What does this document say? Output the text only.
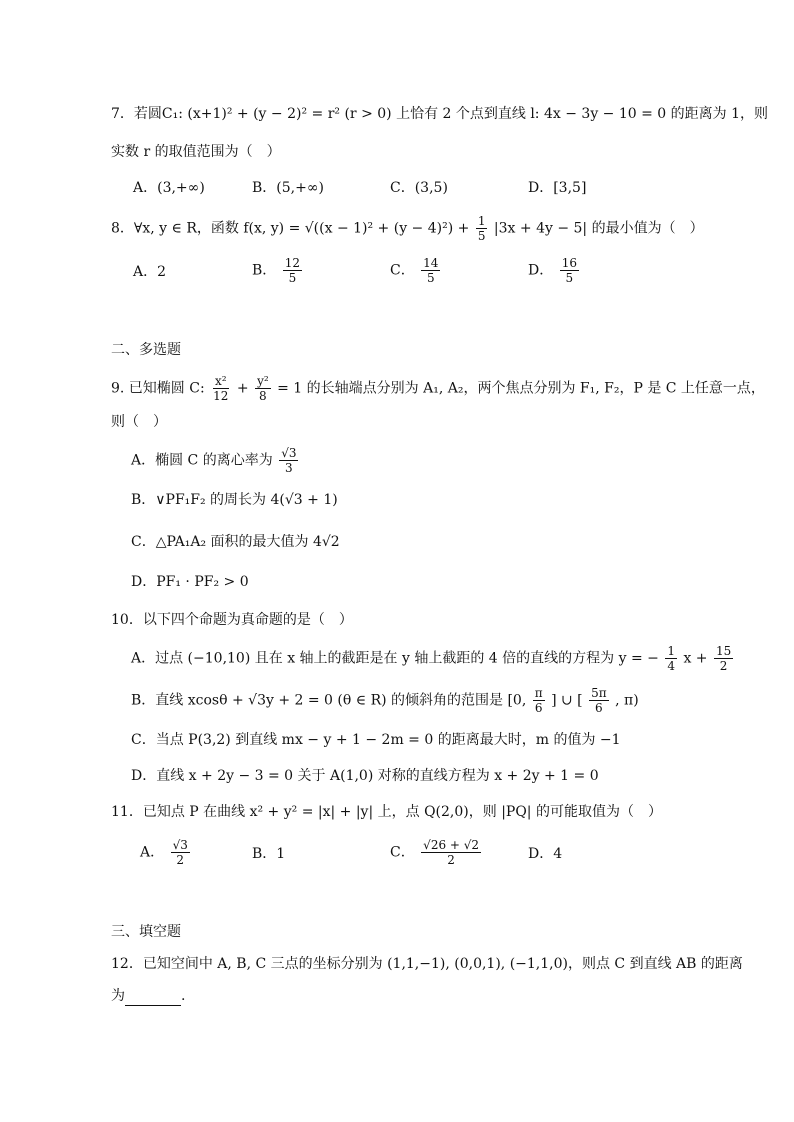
7．若圆C₁: (x+1)² + (y − 2)² = r² (r > 0) 上恰有 2 个点到直线 l: 4x − 3y − 10 = 0 的距离为 1，则
实数 r 的取值范围为（　）
A．(3,+∞)	B．(5,+∞)	C．(3,5)	D．[3,5]
8．∀x, y ∈ R，函数 f(x, $y) = √((x - 1)^2 + (y - 4)^2) + \frac{1}{5} |3x + 4y - 5|$ 的最小值为（　）
A．2	B． $\frac{12}{5}$	C． $\frac{14}{5}$	D． $\frac{16}{5}$
二、多选题
9. 已知椭圆 C: $\frac{\text{x²}}{12} + \frac{\text{y²}}{8} = 1$ 的长轴端点分别为 A₁, A₂，两个焦点分别为 F₁, F₂，P 是 C 上任意一点，
则（　）
A．椭圆 C 的离心率为 $\frac{√3}{3}$
B．∨PF₁F₂ 的周长为 4(√3 + 1)
C．△PA₁A₂ 面积的最大值为 4√2
D．PF₁ · PF₂ > 0
10．以下四个命题为真命题的是（　）
A．过点 (−10,10) 且在 x 轴上的截距是在 y 轴上截距的 4 倍的直线的方程为 y = − $\frac{1}{4}$ $x + \frac{15}{2}$
B．直线 xcosθ + √3y + 2 = 0 (θ ∈ R) 的倾斜角的范围是 [0, $\frac{\pi}{6}$ ] ∪ [ $\frac{5\pi}{6}$ , π)
C．当点 P(3,2) 到直线 mx − y + 1 − 2m = 0 的距离最大时，m 的值为 −1
D．直线 x + 2y − 3 = 0 关于 A(1,0) 对称的直线方程为 x + 2y + 1 = 0
11．已知点 P 在曲线 x² + y² = |x| + |y| 上，点 Q(2,0)，则 |PQ| 的可能取值为（　）
A． $\frac{√3}{2}$	B．1	C． $\frac{√26 + √2}{2}$	D．4
三、填空题
12．已知空间中 A, B, C 三点的坐标分别为 (1,1,−1), (0,0,1), (−1,1,0)，则点 C 到直线 AB 的距离
为	.
